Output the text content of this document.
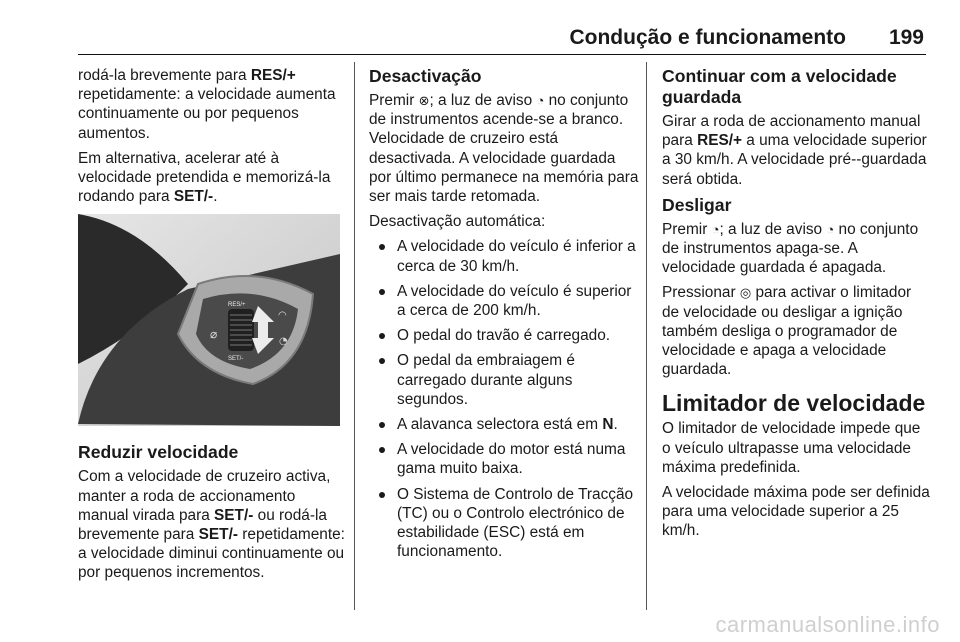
Condução e funcionamento 199

rodá-la brevemente para RES/+ repetidamente: a velocidade aumenta continuamente ou por pequenos aumentos.

Em alternativa, acelerar até à velocidade pretendida e memorizá-la rodando para SET/-.

RES/+
SET/-
⌀
◠
◔
Reduzir velocidade

Com a velocidade de cruzeiro activa, manter a roda de accionamento manual virada para SET/- ou rodá-la brevemente para SET/- repetidamente: a velocidade diminui continuamente ou por pequenos incrementos.

Desactivação

Premir ⊗; a luz de aviso ◔ no conjunto de instrumentos acende-se a branco. Velocidade de cruzeiro está desactivada. A velocidade guardada por último permanece na memória para ser mais tarde retomada.

Desactivação automática:

A velocidade do veículo é inferior a cerca de 30 km/h.
A velocidade do veículo é superior a cerca de 200 km/h.
O pedal do travão é carregado.
O pedal da embraiagem é carregado durante alguns segundos.
A alavanca selectora está em N.
A velocidade do motor está numa gama muito baixa.
O Sistema de Controlo de Tracção (TC) ou o Controlo electrónico de estabilidade (ESC) está em funcionamento.
Continuar com a velocidade guardada

Girar a roda de accionamento manual para RES/+ a uma velocidade superior a 30 km/h. A velocidade pré--guardada será obtida.

Desligar

Premir ◔; a luz de aviso ◔ no conjunto de instrumentos apaga-se. A velocidade guardada é apagada.

Pressionar ◎ para activar o limitador de velocidade ou desligar a ignição também desliga o programador de velocidade e apaga a velocidade guardada.

Limitador de velocidade

O limitador de velocidade impede que o veículo ultrapasse uma velocidade máxima predefinida.

A velocidade máxima pode ser definida para uma velocidade superior a 25 km/h.

carmanualsonline.info
